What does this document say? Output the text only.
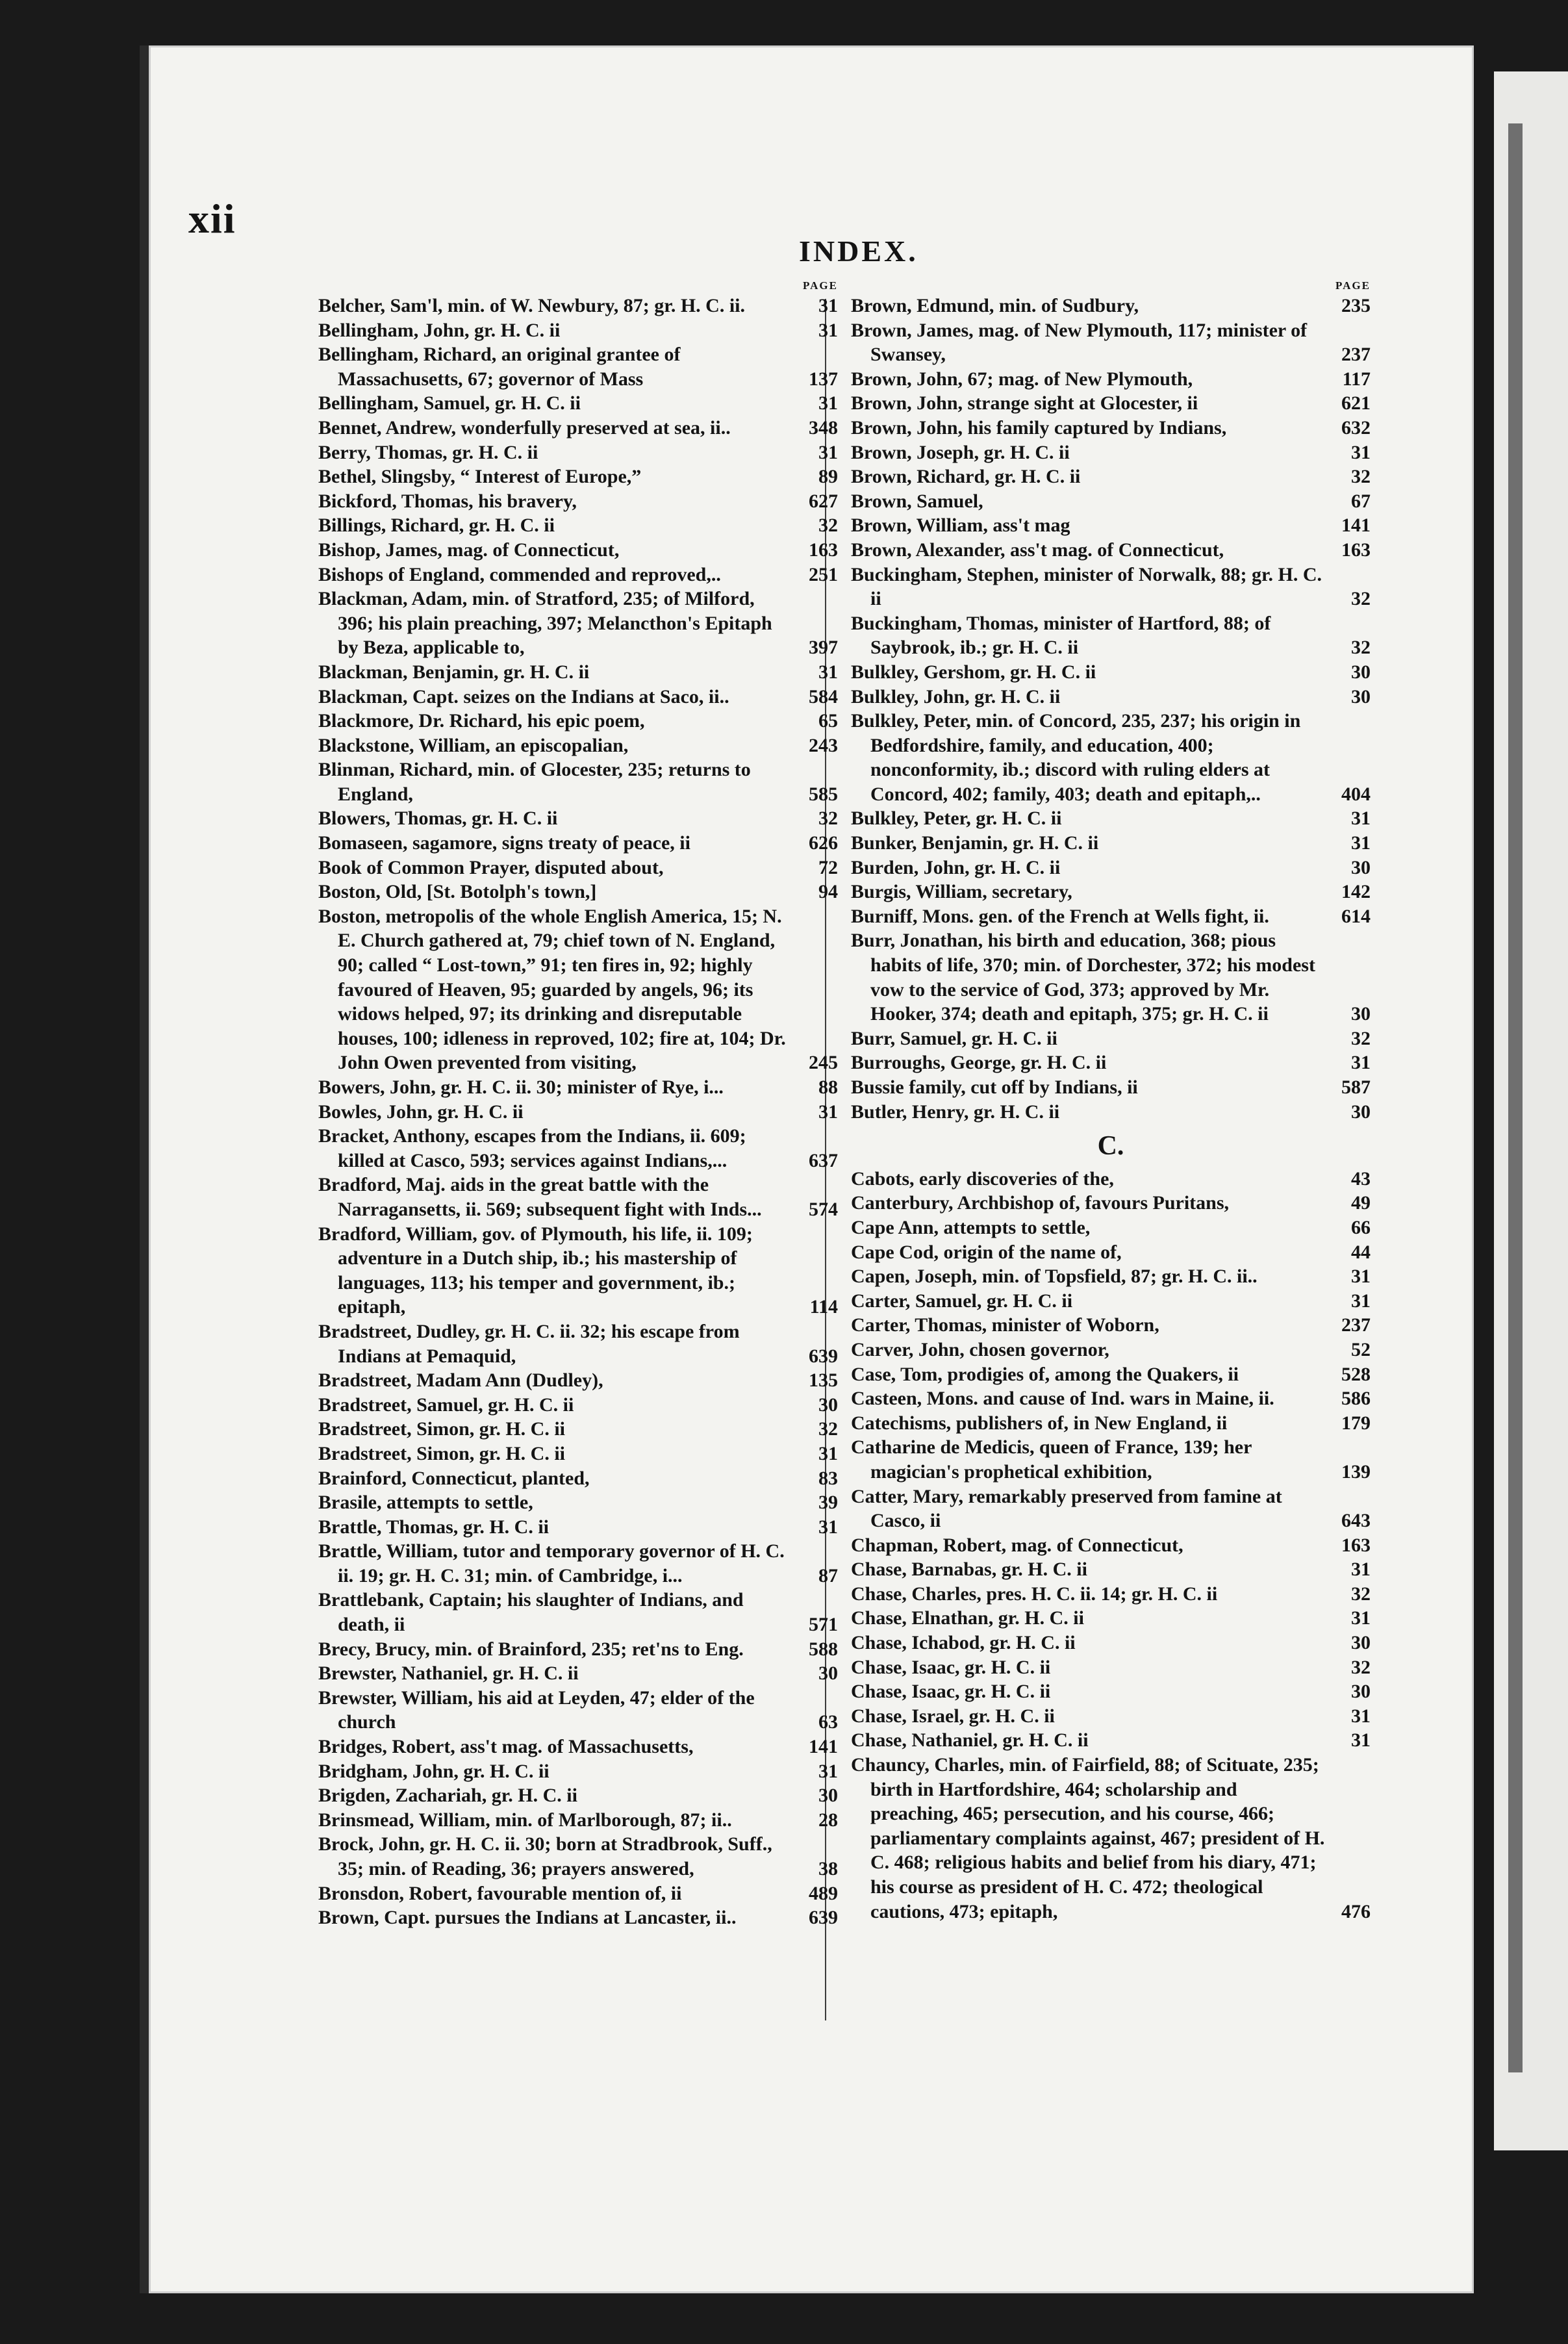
xii
INDEX.
PAGE
Belcher, Sam'l, min. of W. Newbury, 87; gr. H. C. ii.	31
Bellingham, John, gr. H. C. ii	31
Bellingham, Richard, an original grantee of Massachusetts, 67; governor of Mass	137
Bellingham, Samuel, gr. H. C. ii	31
Bennet, Andrew, wonderfully preserved at sea, ii..	348
Berry, Thomas, gr. H. C. ii	31
Bethel, Slingsby, “ Interest of Europe,”	89
Bickford, Thomas, his bravery,	627
Billings, Richard, gr. H. C. ii	32
Bishop, James, mag. of Connecticut,	163
Bishops of England, commended and reproved,..	251
Blackman, Adam, min. of Stratford, 235; of Milford, 396; his plain preaching, 397; Melancthon's Epitaph by Beza, applicable to,	397
Blackman, Benjamin, gr. H. C. ii	31
Blackman, Capt. seizes on the Indians at Saco, ii..	584
Blackmore, Dr. Richard, his epic poem,	65
Blackstone, William, an episcopalian,	243
Blinman, Richard, min. of Glocester, 235; returns to England,	585
Blowers, Thomas, gr. H. C. ii	32
Bomaseen, sagamore, signs treaty of peace, ii	626
Book of Common Prayer, disputed about,	72
Boston, Old, [St. Botolph's town,]	94
Boston, metropolis of the whole English America, 15; N. E. Church gathered at, 79; chief town of N. England, 90; called “ Lost-town,” 91; ten fires in, 92; highly favoured of Heaven, 95; guarded by angels, 96; its widows helped, 97; its drinking and disreputable houses, 100; idleness in reproved, 102; fire at, 104; Dr. John Owen prevented from visiting,	245
Bowers, John, gr. H. C. ii. 30; minister of Rye, i...	88
Bowles, John, gr. H. C. ii	31
Bracket, Anthony, escapes from the Indians, ii. 609; killed at Casco, 593; services against Indians,...	637
Bradford, Maj. aids in the great battle with the Narragansetts, ii. 569; subsequent fight with Inds... 574
Bradford, William, gov. of Plymouth, his life, ii. 109; adventure in a Dutch ship, ib.; his mastership of languages, 113; his temper and government, ib.; epitaph,	114
Bradstreet, Dudley, gr. H. C. ii. 32; his escape from Indians at Pemaquid,	639
Bradstreet, Madam Ann (Dudley),	135
Bradstreet, Samuel, gr. H. C. ii	30
Bradstreet, Simon, gr. H. C. ii	32
Bradstreet, Simon, gr. H. C. ii	31
Brainford, Connecticut, planted,	83
Brasile, attempts to settle,	39
Brattle, Thomas, gr. H. C. ii	31
Brattle, William, tutor and temporary governor of H. C. ii. 19; gr. H. C. 31; min. of Cambridge, i...	87
Brattlebank, Captain; his slaughter of Indians, and death, ii	571
Brecy, Brucy, min. of Brainford, 235; ret'ns to Eng.	588
Brewster, Nathaniel, gr. H. C. ii	30
Brewster, William, his aid at Leyden, 47; elder of the church	63
Bridges, Robert, ass't mag. of Massachusetts,	141
Bridgham, John, gr. H. C. ii	31
Brigden, Zachariah, gr. H. C. ii	30
Brinsmead, William, min. of Marlborough, 87; ii..	28
Brock, John, gr. H. C. ii. 30; born at Stradbrook, Suff., 35; min. of Reading, 36; prayers answered,	38
Bronsdon, Robert, favourable mention of, ii	489
Brown, Capt. pursues the Indians at Lancaster, ii..	639
PAGE
Brown, Edmund, min. of Sudbury,	235
Brown, James, mag. of New Plymouth, 117; minister of Swansey,	237
Brown, John, 67; mag. of New Plymouth,	117
Brown, John, strange sight at Glocester, ii	621
Brown, John, his family captured by Indians,	632
Brown, Joseph, gr. H. C. ii	31
Brown, Richard, gr. H. C. ii	32
Brown, Samuel,	67
Brown, William, ass't mag	141
Brown, Alexander, ass't mag. of Connecticut,	163
Buckingham, Stephen, minister of Norwalk, 88; gr. H. C. ii	32
Buckingham, Thomas, minister of Hartford, 88; of Saybrook, ib.; gr. H. C. ii	32
Bulkley, Gershom, gr. H. C. ii	30
Bulkley, John, gr. H. C. ii	30
Bulkley, Peter, min. of Concord, 235, 237; his origin in Bedfordshire, family, and education, 400; nonconformity, ib.; discord with ruling elders at Concord, 402; family, 403; death and epitaph,..	404
Bulkley, Peter, gr. H. C. ii	31
Bunker, Benjamin, gr. H. C. ii	31
Burden, John, gr. H. C. ii	30
Burgis, William, secretary,	142
Burniff, Mons. gen. of the French at Wells fight, ii.	614
Burr, Jonathan, his birth and education, 368; pious habits of life, 370; min. of Dorchester, 372; his modest vow to the service of God, 373; approved by Mr. Hooker, 374; death and epitaph, 375; gr. H. C. ii	30
Burr, Samuel, gr. H. C. ii	32
Burroughs, George, gr. H. C. ii	31
Bussie family, cut off by Indians, ii	587
Butler, Henry, gr. H. C. ii	30
C.
Cabots, early discoveries of the,	43
Canterbury, Archbishop of, favours Puritans,	49
Cape Ann, attempts to settle,	66
Cape Cod, origin of the name of,	44
Capen, Joseph, min. of Topsfield, 87; gr. H. C. ii..	31
Carter, Samuel, gr. H. C. ii	31
Carter, Thomas, minister of Woborn,	237
Carver, John, chosen governor,	52
Case, Tom, prodigies of, among the Quakers, ii	528
Casteen, Mons. and cause of Ind. wars in Maine, ii.	586
Catechisms, publishers of, in New England, ii	179
Catharine de Medicis, queen of France, 139; her magician's prophetical exhibition,	139
Catter, Mary, remarkably preserved from famine at Casco, ii	643
Chapman, Robert, mag. of Connecticut,	163
Chase, Barnabas, gr. H. C. ii	31
Chase, Charles, pres. H. C. ii. 14; gr. H. C. ii	32
Chase, Elnathan, gr. H. C. ii	31
Chase, Ichabod, gr. H. C. ii	30
Chase, Isaac, gr. H. C. ii	32
Chase, Isaac, gr. H. C. ii	30
Chase, Israel, gr. H. C. ii	31
Chase, Nathaniel, gr. H. C. ii	31
Chauncy, Charles, min. of Fairfield, 88; of Scituate, 235; birth in Hartfordshire, 464; scholarship and preaching, 465; persecution, and his course, 466; parliamentary complaints against, 467; president of H. C. 468; religious habits and belief from his diary, 471; his course as president of H. C. 472; theological cautions, 473; epitaph,	476
